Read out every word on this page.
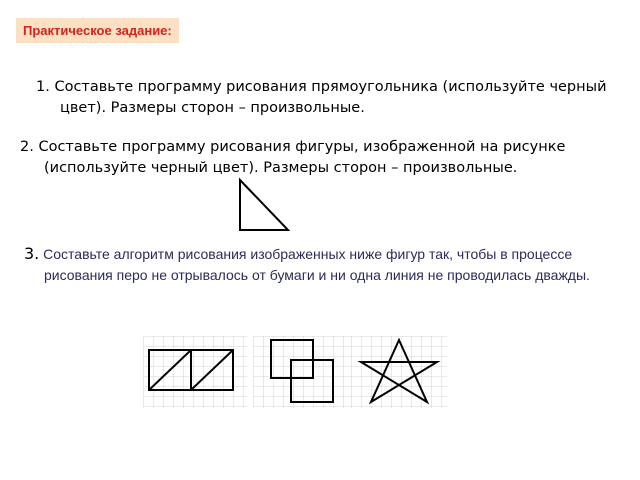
Практическое задание:
1. Составьте программу рисования прямоугольника (используйте черный цвет). Размеры сторон – произвольные.
2. Составьте программу рисования фигуры, изображенной на рисунке (используйте черный цвет). Размеры сторон – произвольные.
3. Составьте алгоритм рисования изображенных ниже фигур так, чтобы в процессе рисования перо не отрывалось от бумаги и ни одна линия не проводилась дважды.
